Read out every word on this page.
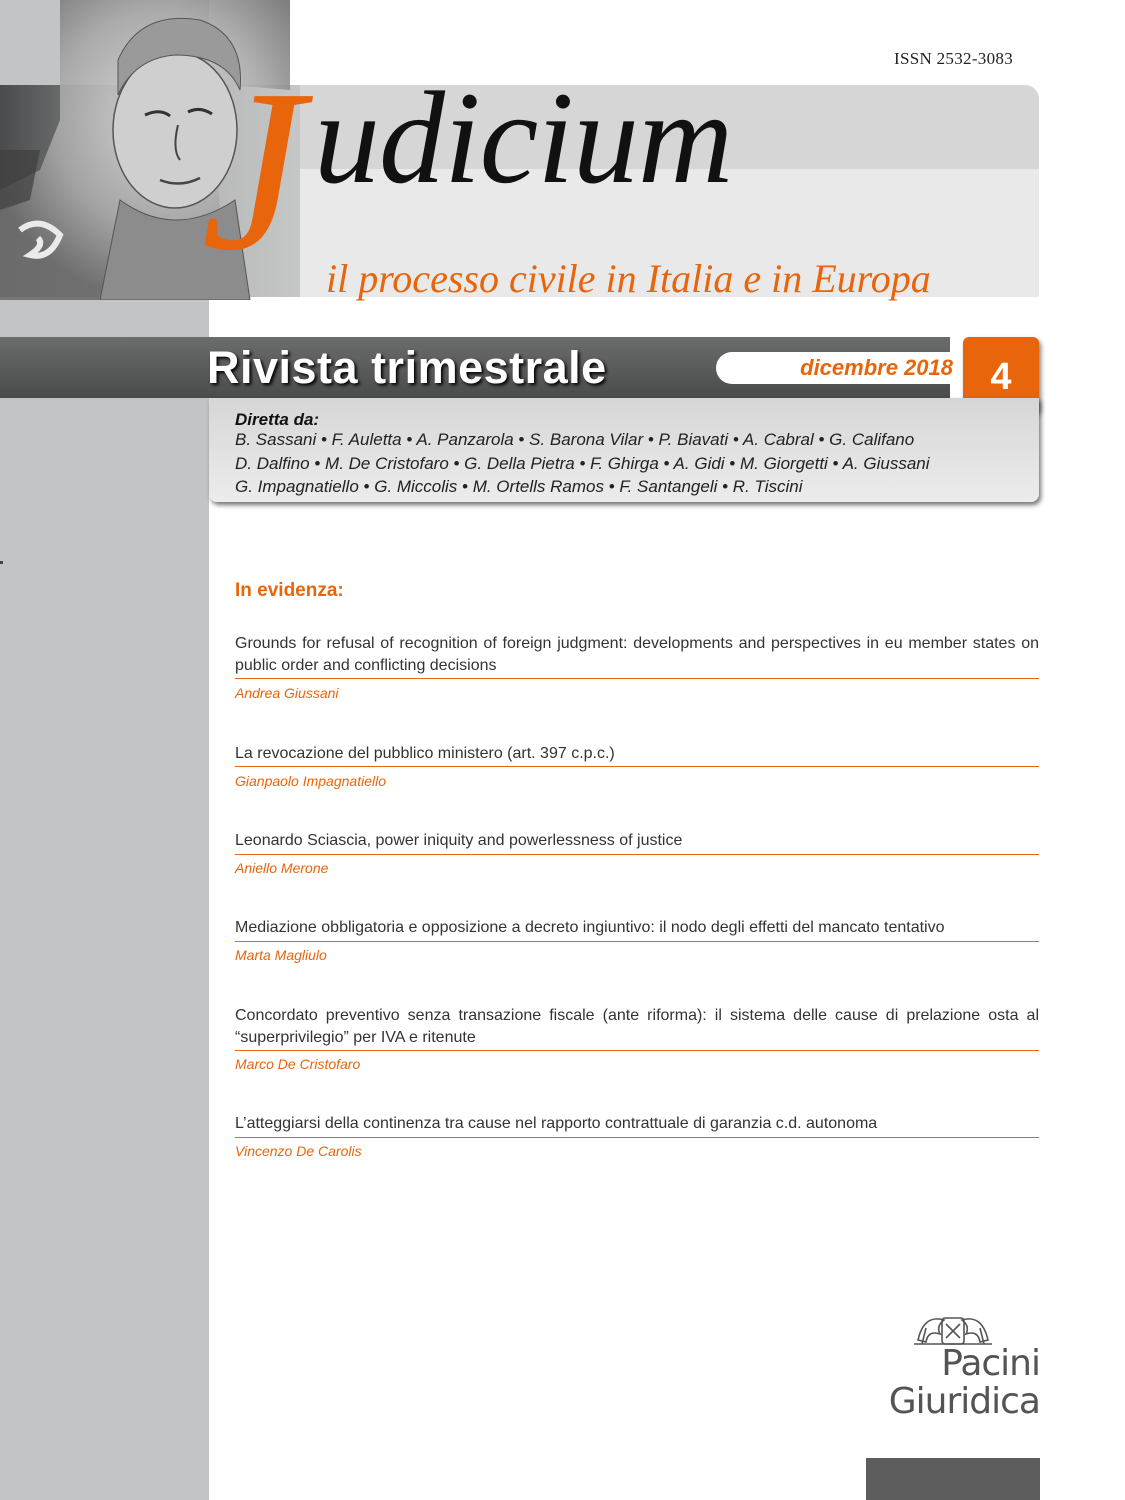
ISSN 2532-3083
udicium
J il processo civile in Italia e in Europa
Rivista trimestrale	dicembre 2018 4
Diretta da:
B. Sassani • F. Auletta • A. Panzarola • S. Barona Vilar • P. Biavati • A. Cabral • G. Califano
D. Dalfino • M. De Cristofaro • G. Della Pietra • F. Ghirga • A. Gidi • M. Giorgetti • A. Giussani
G. Impagnatiello • G. Miccolis • M. Ortells Ramos • F. Santangeli • R. Tiscini
In evidenza:
Grounds for refusal of recognition of foreign judgment: developments and perspectives in eu member states on public order and conflicting decisions
Andrea Giussani
La revocazione del pubblico ministero (art. 397 c.p.c.)
Gianpaolo Impagnatiello
Leonardo Sciascia, power iniquity and powerlessness of justice
Aniello Merone
Mediazione obbligatoria e opposizione a decreto ingiuntivo: il nodo degli effetti del mancato tentativo
Marta Magliulo
Concordato preventivo senza transazione fiscale (ante riforma): il sistema delle cause di prelazione osta al “superprivilegio” per IVA e ritenute
Marco De Cristofaro
L’atteggiarsi della continenza tra cause nel rapporto contrattuale di garanzia c.d. autonoma
Vincenzo De Carolis
Pacini
Giuridica
